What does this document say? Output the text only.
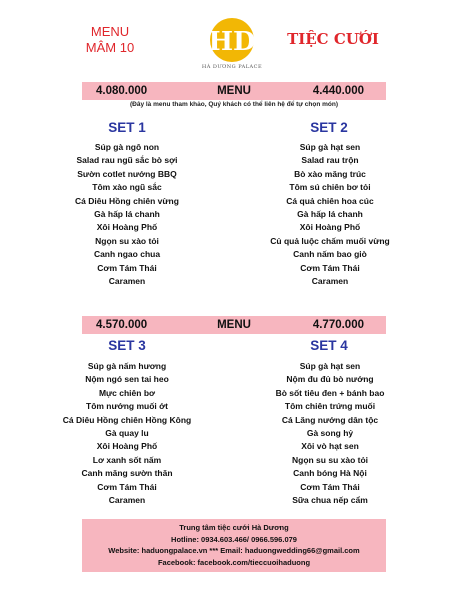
MENU
MÂM 10	HD
HÀ DƯƠNG PALACE
TIỆC CƯỚI
4.080.000	MENU	4.440.000
(Đây là menu tham khảo, Quý khách có thể liên hệ để tự chọn món)
SET 1
Súp gà ngô non
Salad rau ngũ sắc bò sợi
Sườn cotlet nướng BBQ
Tôm xào ngũ sắc
Cá Diêu Hồng chiên vừng
Gà hấp lá chanh
Xôi Hoàng Phố
Ngọn su xào tỏi
Canh ngao chua
Cơm Tám Thái
Caramen
SET 2
Súp gà hạt sen
Salad rau trộn
Bò xào măng trúc
Tôm sú chiên bơ tỏi
Cá quả chiên hoa cúc
Gà hấp lá chanh
Xôi Hoàng Phố
Củ quả luộc chấm muối vừng
Canh nấm bao giò
Cơm Tám Thái
Caramen
4.570.000	MENU	4.770.000
SET 3
Súp gà nấm hương
Nộm ngó sen tai heo
Mực chiên bơ
Tôm nướng muối ớt
Cá Diêu Hồng chiên Hồng Kông
Gà quay lu
Xôi Hoàng Phố
Lơ xanh sốt nấm
Canh măng sườn thăn
Cơm Tám Thái
Caramen
SET 4
Súp gà hạt sen
Nộm đu đủ bò nướng
Bò sốt tiêu đen + bánh bao
Tôm chiên trứng muối
Cá Lăng nướng dân tộc
Gà song hỷ
Xôi vò hạt sen
Ngọn su su xào tỏi
Canh bóng Hà Nội
Cơm Tám Thái
Sữa chua nếp cẩm
Trung tâm tiệc cưới Hà Dương
Hotline: 0934.603.466/ 0966.596.079
Website: haduongpalace.vn *** Email: haduongwedding66@gmail.com
Facebook: facebook.com/tieccuoihaduong
